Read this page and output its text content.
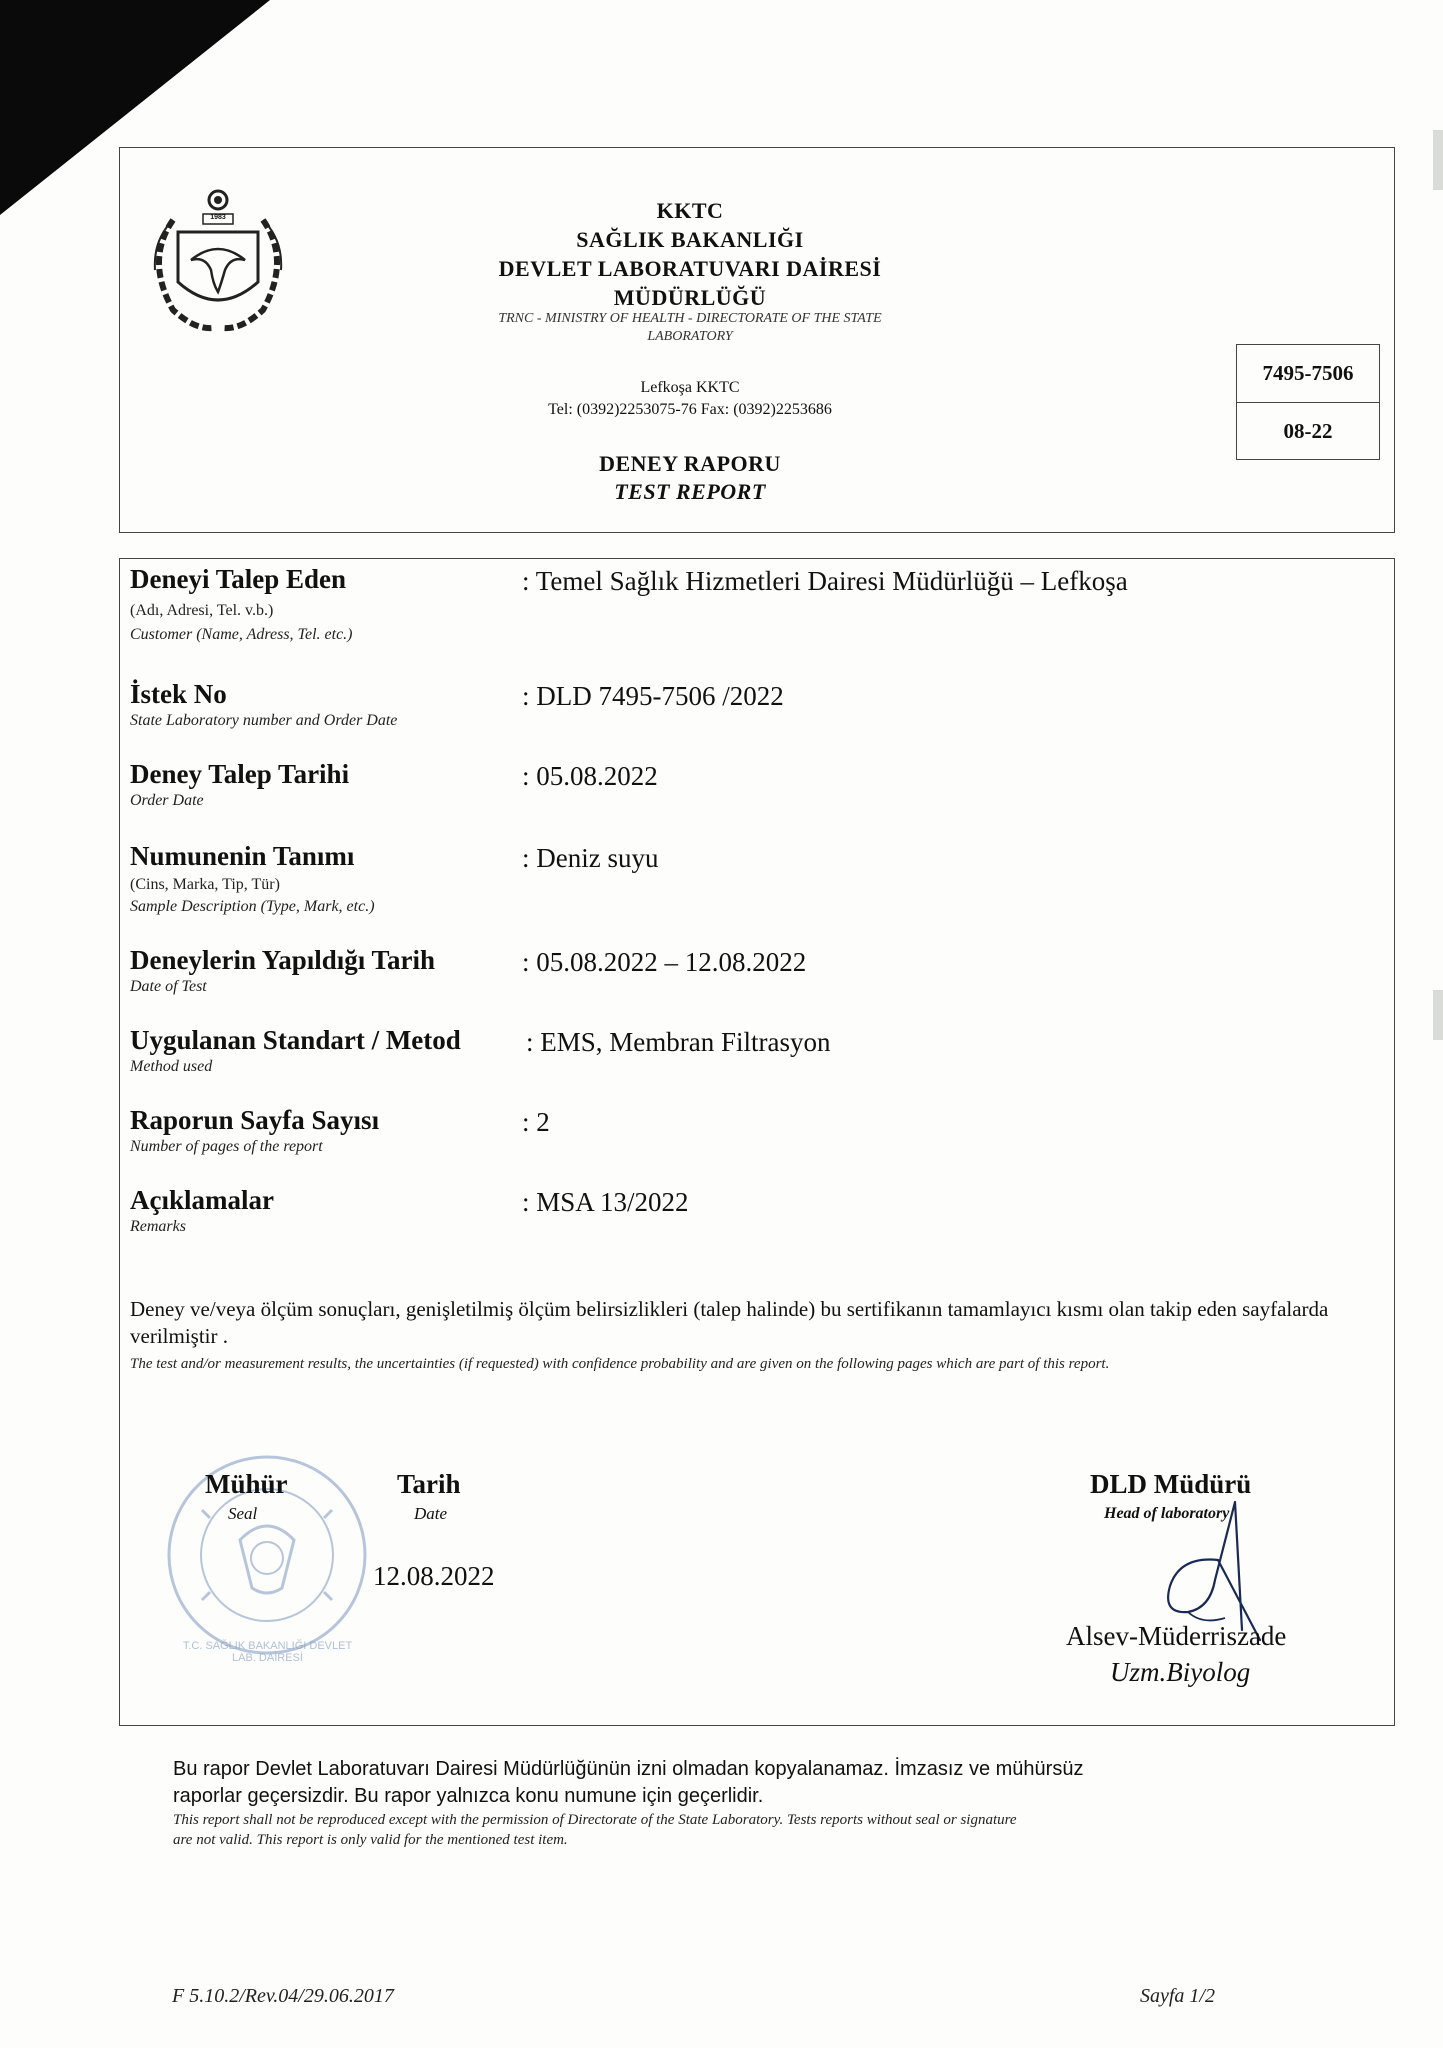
1983	KKTC
SAĞLIK BAKANLIĞI
DEVLET LABORATUVARI DAİRESİ
MÜDÜRLÜĞÜ
TRNC - MINISTRY OF HEALTH - DIRECTORATE OF THE STATE
LABORATORY
Lefkoşa KKTC
Tel: (0392)2253075-76 Fax: (0392)2253686
DENEY RAPORU
TEST REPORT
7495-7506
08-22
Deneyi Talep Eden
(Adı, Adresi, Tel. v.b.)
Customer (Name, Adress, Tel. etc.)
: Temel Sağlık Hizmetleri Dairesi Müdürlüğü – Lefkoşa
İstek No
State Laboratory number and Order Date
: DLD 7495-7506 /2022
Deney Talep Tarihi
Order Date
: 05.08.2022
Numunenin Tanımı
(Cins, Marka, Tip, Tür)
Sample Description (Type, Mark, etc.)
: Deniz suyu
Deneylerin Yapıldığı Tarih
Date of Test
: 05.08.2022 – 12.08.2022
Uygulanan Standart / Metod
Method used
: EMS, Membran Filtrasyon
Raporun Sayfa Sayısı
Number of pages of the report
: 2
Açıklamalar
Remarks
: MSA 13/2022
Deney ve/veya ölçüm sonuçları, genişletilmiş ölçüm belirsizlikleri (talep halinde) bu sertifikanın tamamlayıcı kısmı olan takip eden sayfalarda verilmiştir .
The test and/or measurement results, the uncertainties (if requested) with confidence probability and are given on the following pages which are part of this report.
T.C. SAĞLIK BAKANLIĞI DEVLET LAB. DAİRESİ
Mühür
Seal
Tarih
Date
12.08.2022
DLD Müdürü
Head of laboratory
Alsev-Müderriszade
Uzm.Biyolog
Bu rapor Devlet Laboratuvarı Dairesi Müdürlüğünün izni olmadan kopyalanamaz. İmzasız ve mühürsüz
raporlar geçersizdir. Bu rapor yalnızca konu numune için geçerlidir.
This report shall not be reproduced except with the permission of Directorate of the State Laboratory. Tests reports without seal or signature
are not valid. This report is only valid for the mentioned test item.
F 5.10.2/Rev.04/29.06.2017	Sayfa 1/2
